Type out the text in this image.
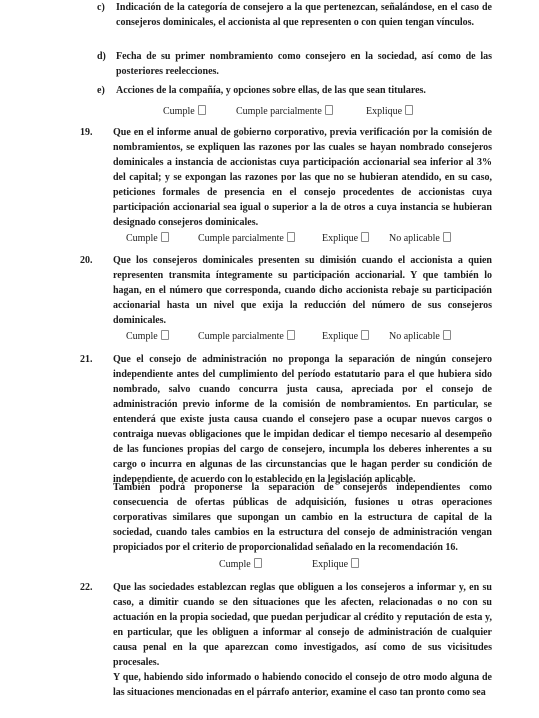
c) Indicación de la categoría de consejero a la que pertenezcan, señalándose, en el caso de consejeros dominicales, el accionista al que representen o con quien tengan vínculos.

d) Fecha de su primer nombramiento como consejero en la sociedad, así como de las posteriores reelecciones.

e) Acciones de la compañía, y opciones sobre ellas, de las que sean titulares.

Cumple	Cumple parcialmente	Explique
19. Que en el informe anual de gobierno corporativo, previa verificación por la comisión de nombramientos, se expliquen las razones por las cuales se hayan nombrado consejeros dominicales a instancia de accionistas cuya participación accionarial sea inferior al 3% del capital; y se expongan las razones por las que no se hubieran atendido, en su caso, peticiones formales de presencia en el consejo procedentes de accionistas cuya participación accionarial sea igual o superior a la de otros a cuya instancia se hubieran designado consejeros dominicales.

Cumple	Cumple parcialmente	Explique	No aplicable
20. Que los consejeros dominicales presenten su dimisión cuando el accionista a quien representen transmita íntegramente su participación accionarial. Y que también lo hagan, en el número que corresponda, cuando dicho accionista rebaje su participación accionarial hasta un nivel que exija la reducción del número de sus consejeros dominicales.

Cumple	Cumple parcialmente	Explique	No aplicable
21. Que el consejo de administración no proponga la separación de ningún consejero independiente antes del cumplimiento del período estatutario para el que hubiera sido nombrado, salvo cuando concurra justa causa, apreciada por el consejo de administración previo informe de la comisión de nombramientos. En particular, se entenderá que existe justa causa cuando el consejero pase a ocupar nuevos cargos o contraiga nuevas obligaciones que le impidan dedicar el tiempo necesario al desempeño de las funciones propias del cargo de consejero, incumpla los deberes inherentes a su cargo o incurra en algunas de las circunstancias que le hagan perder su condición de independiente, de acuerdo con lo establecido en la legislación aplicable.

También podrá proponerse la separación de consejeros independientes como consecuencia de ofertas públicas de adquisición, fusiones u otras operaciones corporativas similares que supongan un cambio en la estructura de capital de la sociedad, cuando tales cambios en la estructura del consejo de administración vengan propiciados por el criterio de proporcionalidad señalado en la recomendación 16.

Cumple	Explique
22. Que las sociedades establezcan reglas que obliguen a los consejeros a informar y, en su caso, a dimitir cuando se den situaciones que les afecten, relacionadas o no con su actuación en la propia sociedad, que puedan perjudicar al crédito y reputación de esta y, en particular, que les obliguen a informar al consejo de administración de cualquier causa penal en la que aparezcan como investigados, así como de sus vicisitudes procesales.

Y que, habiendo sido informado o habiendo conocido el consejo de otro modo alguna de las situaciones mencionadas en el párrafo anterior, examine el caso tan pronto como sea
